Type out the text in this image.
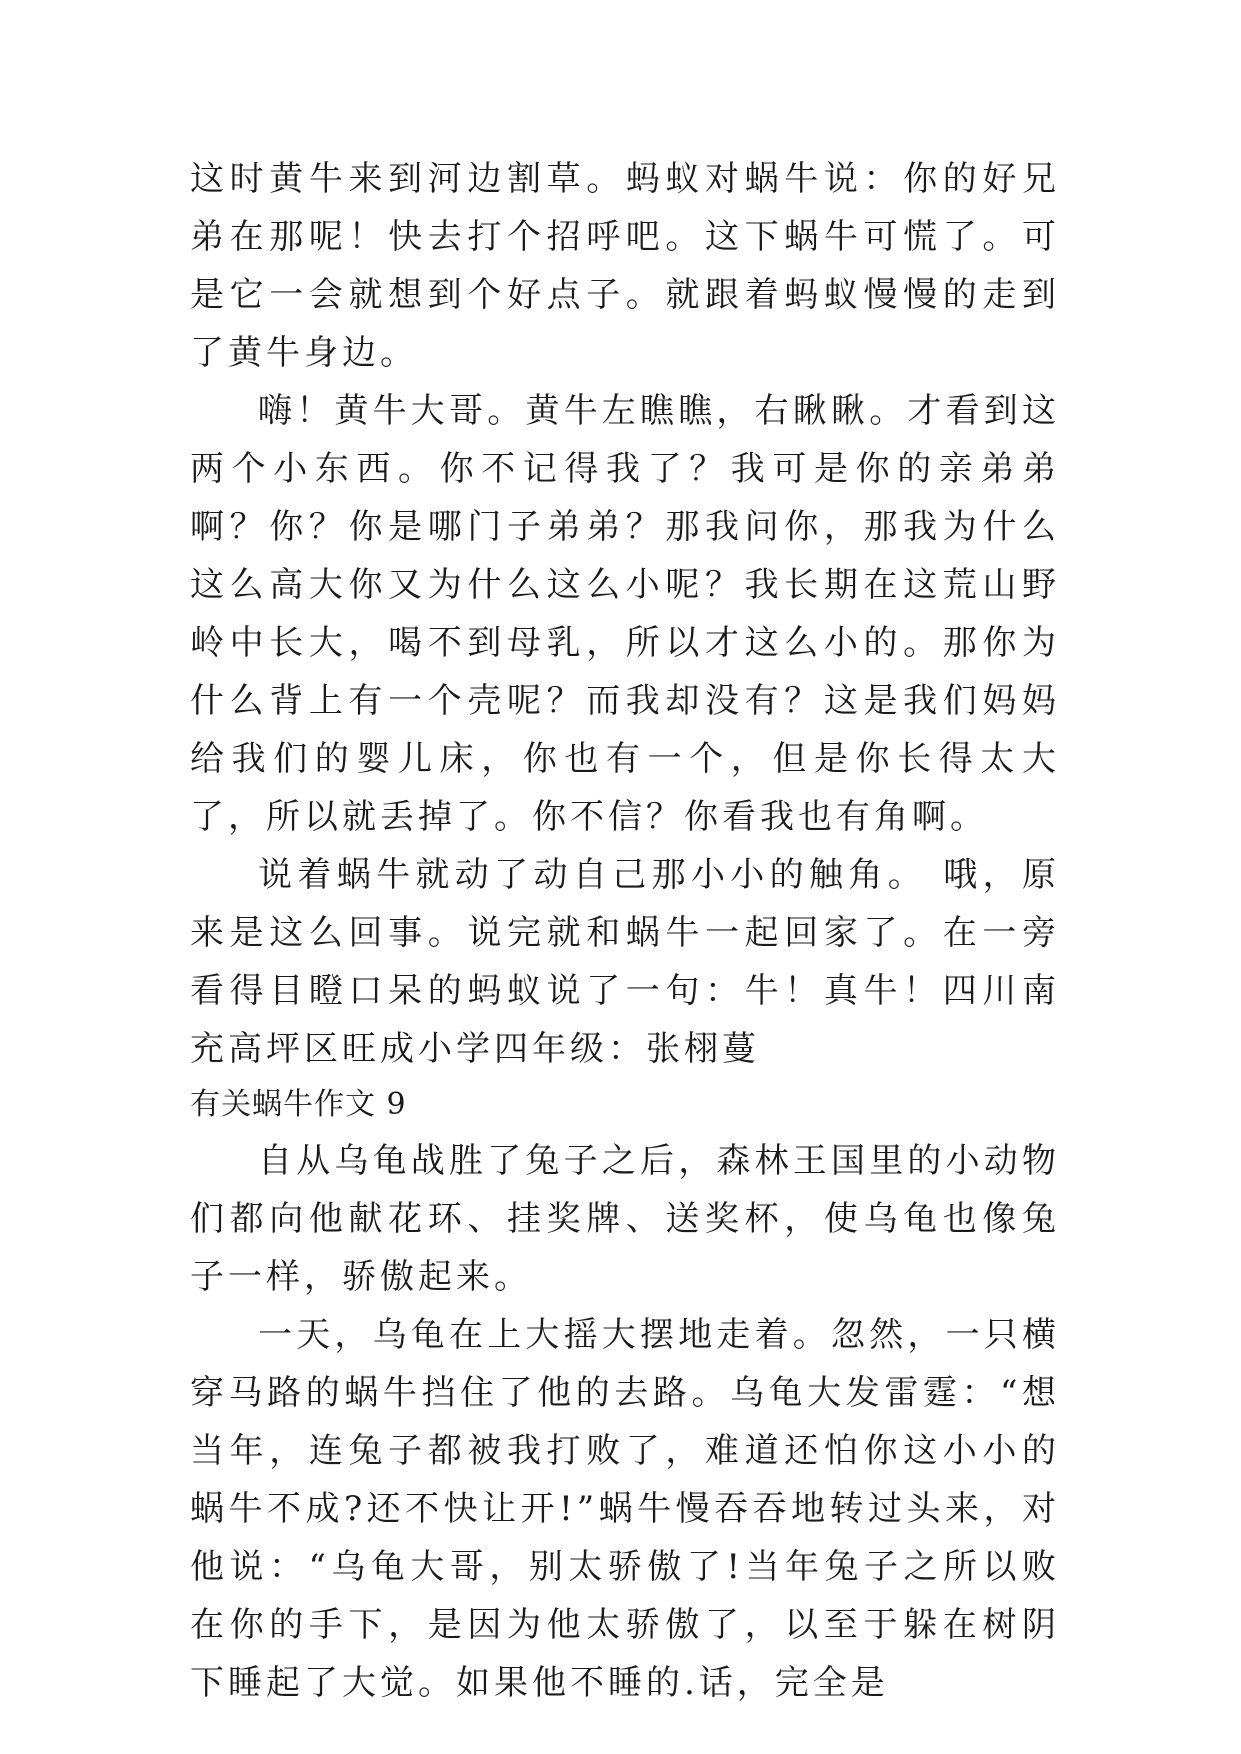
这时黄牛来到河边割草。蚂蚁对蜗牛说：你的好兄弟在那呢！快去打个招呼吧。这下蜗牛可慌了。可是它一会就想到个好点子。就跟着蚂蚁慢慢的走到了黄牛身边。

嗨！黄牛大哥。黄牛左瞧瞧，右瞅瞅。才看到这两个小东西。你不记得我了？我可是你的亲弟弟啊？你？你是哪门子弟弟？那我问你，那我为什么这么高大你又为什么这么小呢？我长期在这荒山野岭中长大，喝不到母乳，所以才这么小的。那你为什么背上有一个壳呢？而我却没有？这是我们妈妈给我们的婴儿床，你也有一个，但是你长得太大了，所以就丢掉了。你不信？你看我也有角啊。

说着蜗牛就动了动自己那小小的触角。 哦，原来是这么回事。说完就和蜗牛一起回家了。在一旁看得目瞪口呆的蚂蚁说了一句：牛！真牛！四川南充高坪区旺成小学四年级：张栩蔓

有关蜗牛作文 9

自从乌龟战胜了兔子之后，森林王国里的小动物们都向他献花环、挂奖牌、送奖杯，使乌龟也像兔子一样，骄傲起来。

一天，乌龟在上大摇大摆地走着。忽然，一只横穿马路的蜗牛挡住了他的去路。乌龟大发雷霆：“想当年，连兔子都被我打败了，难道还怕你这小小的蜗牛不成?还不快让开!”蜗牛慢吞吞地转过头来，对他说：“乌龟大哥，别太骄傲了!当年兔子之所以败在你的手下，是因为他太骄傲了，以至于躲在树阴下睡起了大觉。如果他不睡的.话，完全是
